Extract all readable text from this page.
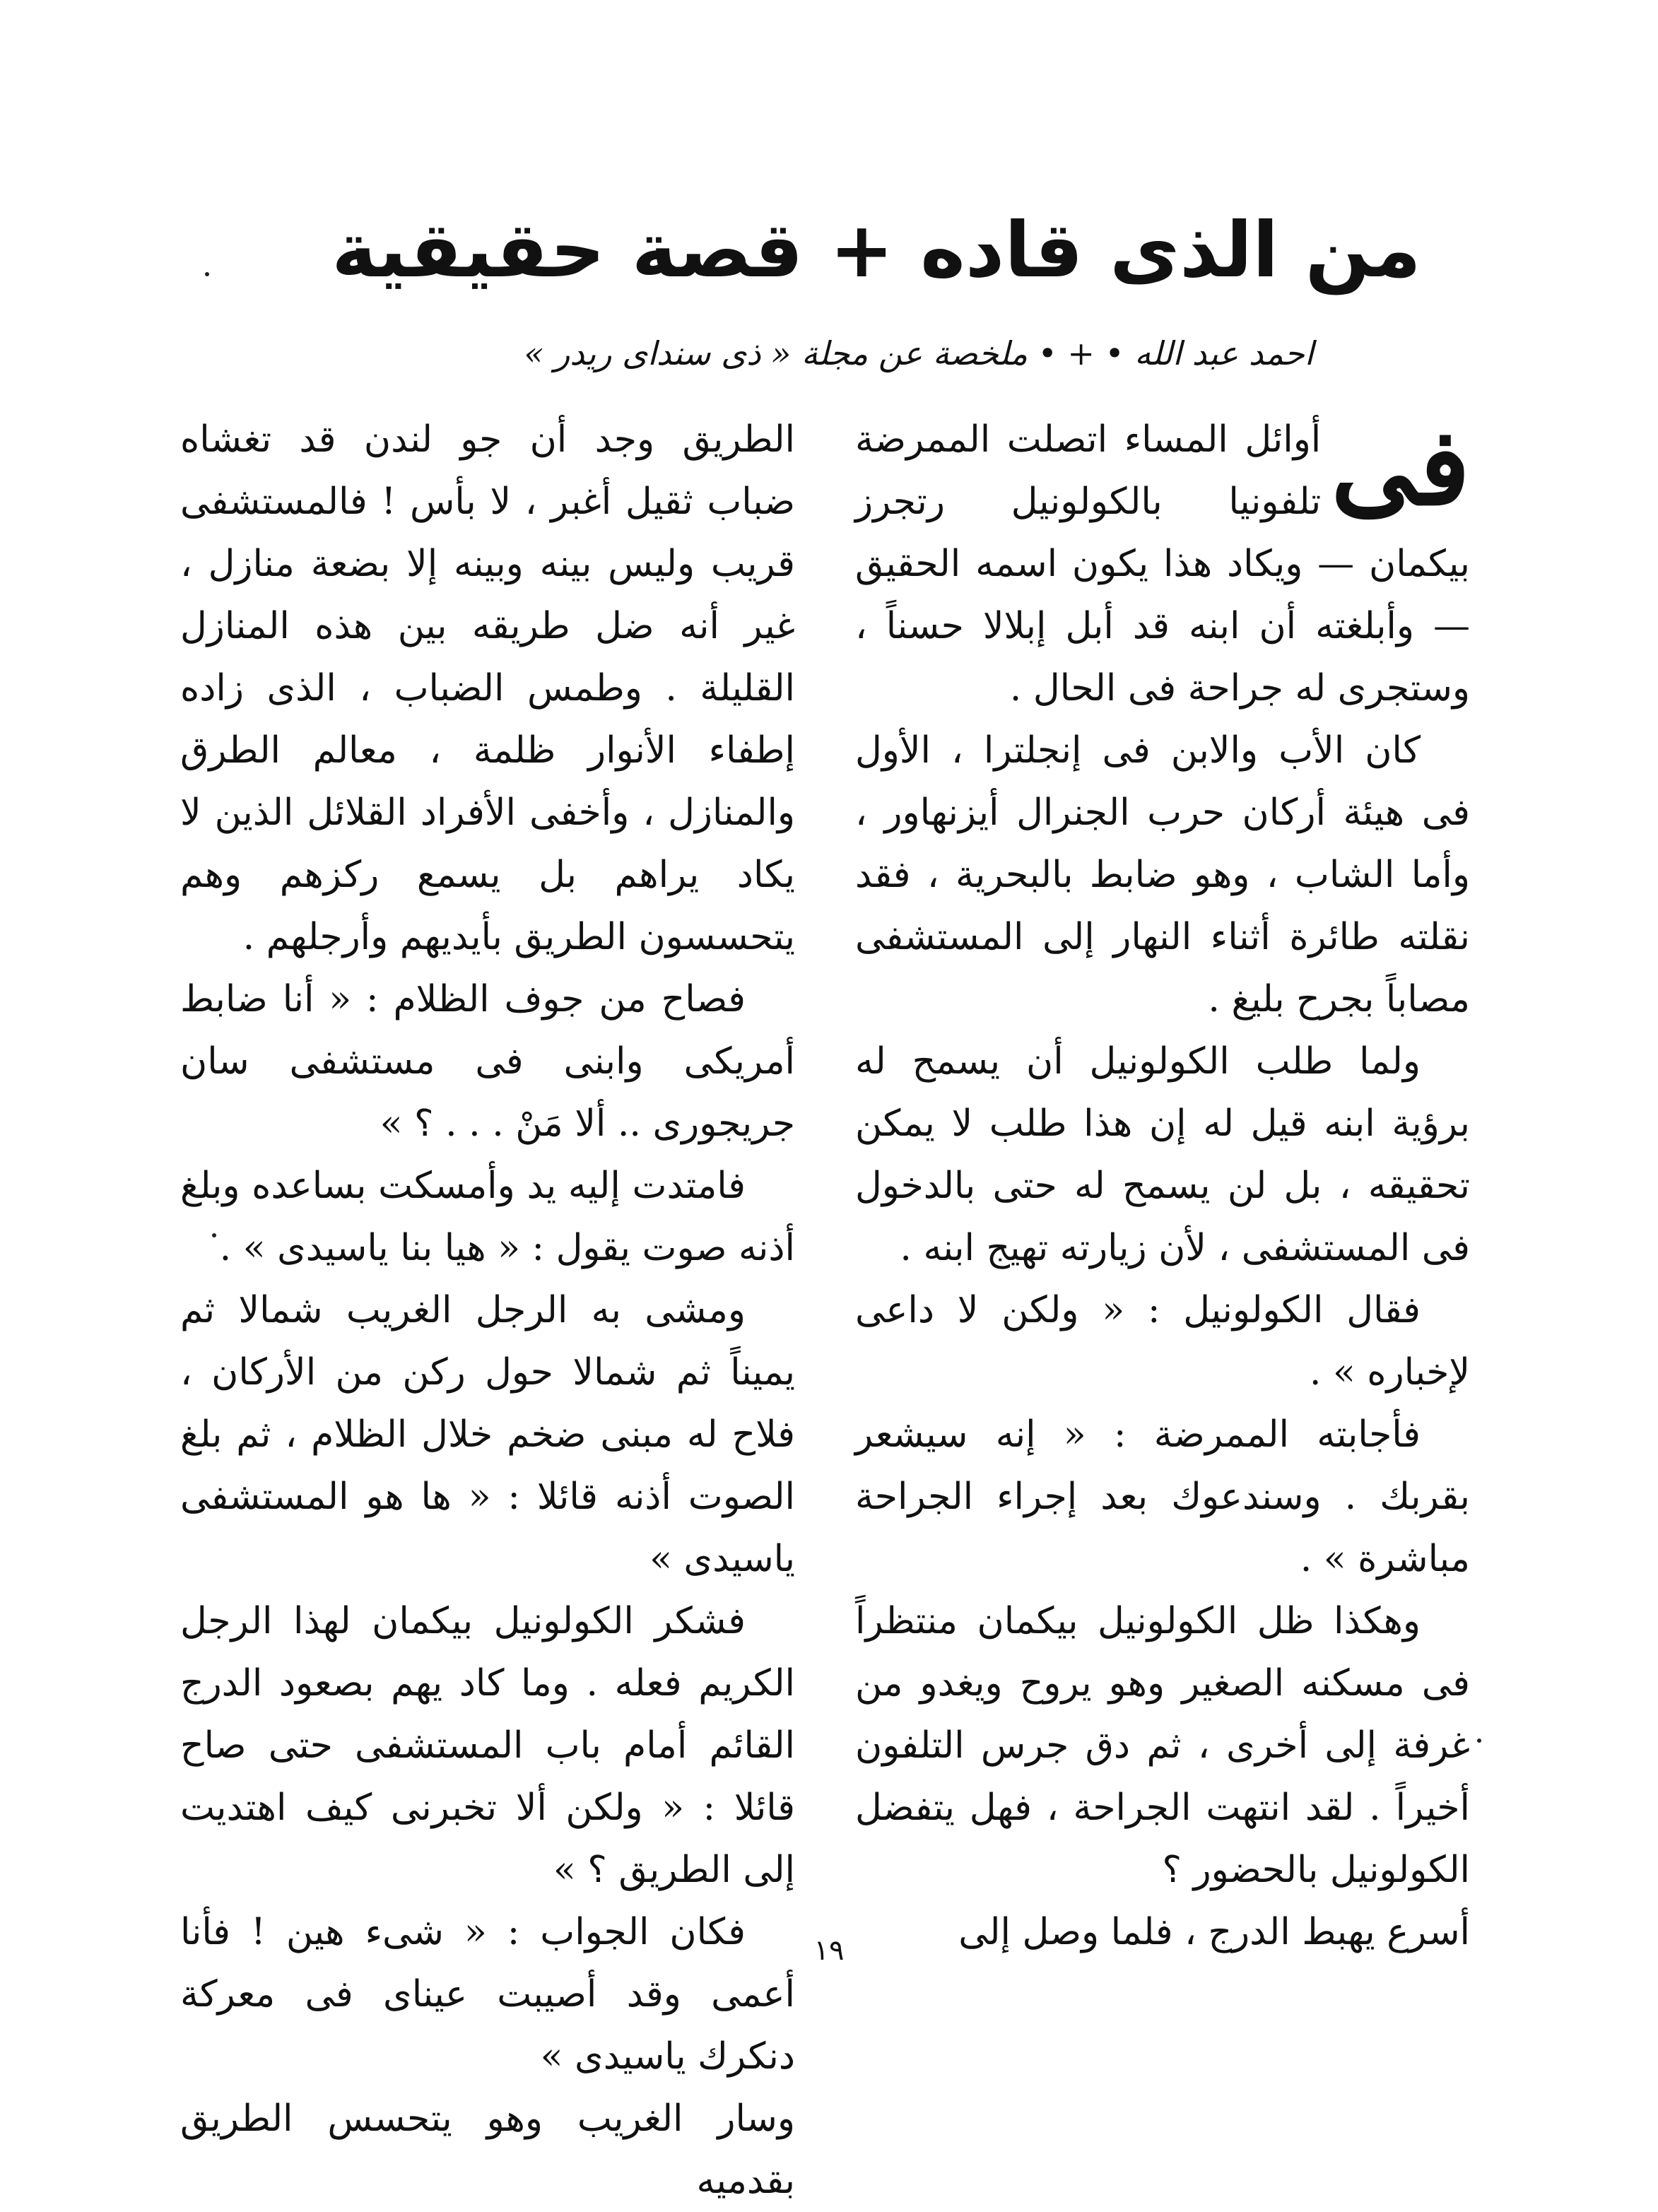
من الذى قاده + قصة حقيقية
احمد عبد الله • + • ملخصة عن مجلة « ذى سنداى ريدر »
فى

أوائل المساء اتصلت الممرضة تلفونيا بالكولونيل رتجرز بيكمان — ويكاد هذا يكون اسمه الحقيق — وأبلغته أن ابنه قد أبل إبلالا حسناً ، وستجرى له جراحة فى الحال .

كان الأب والابن فى إنجلترا ، الأول فى هيئة أركان حرب الجنرال أيزنهاور ، وأما الشاب ، وهو ضابط بالبحرية ، فقد نقلته طائرة أثناء النهار إلى المستشفى مصاباً بجرح بليغ .

ولما طلب الكولونيل أن يسمح له برؤية ابنه قيل له إن هذا طلب لا يمكن تحقيقه ، بل لن يسمح له حتى بالدخول فى المستشفى ، لأن زيارته تهيج ابنه .

فقال الكولونيل : « ولكن لا داعى لإخباره » .

فأجابته الممرضة : « إنه سيشعر بقربك . وسندعوك بعد إجراء الجراحة مباشرة » .

وهكذا ظل الكولونيل بيكمان منتظراً فى مسكنه الصغير وهو يروح ويغدو من غرفة إلى أخرى ، ثم دق جرس التلفون أخيراً . لقد انتهت الجراحة ، فهل يتفضل الكولونيل بالحضور ؟

أسرع يهبط الدرج ، فلما وصل إلى

الطريق وجد أن جو لندن قد تغشاه ضباب ثقيل أغبر ، لا بأس ! فالمستشفى قريب وليس بينه وبينه إلا بضعة منازل ، غير أنه ضل طريقه بين هذه المنازل القليلة . وطمس الضباب ، الذى زاده إطفاء الأنوار ظلمة ، معالم الطرق والمنازل ، وأخفى الأفراد القلائل الذين لا يكاد يراهم بل يسمع ركزهم وهم يتحسسون الطريق بأيديهم وأرجلهم .

فصاح من جوف الظلام : « أنا ضابط أمريكى وابنى فى مستشفى سان جريجورى .. ألا مَنْ . . . ؟ »

فامتدت إليه يد وأمسكت بساعده وبلغ أذنه صوت يقول : « هيا بنا ياسيدى » .

ومشى به الرجل الغريب شمالا ثم يميناً ثم شمالا حول ركن من الأركان ، فلاح له مبنى ضخم خلال الظلام ، ثم بلغ الصوت أذنه قائلا : « ها هو المستشفى ياسيدى »

فشكر الكولونيل بيكمان لهذا الرجل الكريم فعله . وما كاد يهم بصعود الدرج القائم أمام باب المستشفى حتى صاح قائلا : « ولكن ألا تخبرنى كيف اهتديت إلى الطريق ؟ »

فكان الجواب : « شىء هين ! فأنا أعمى وقد أصيبت عيناى فى معركة دنكرك ياسيدى »

وسار الغريب وهو يتحسس الطريق بقدميه

١٩
